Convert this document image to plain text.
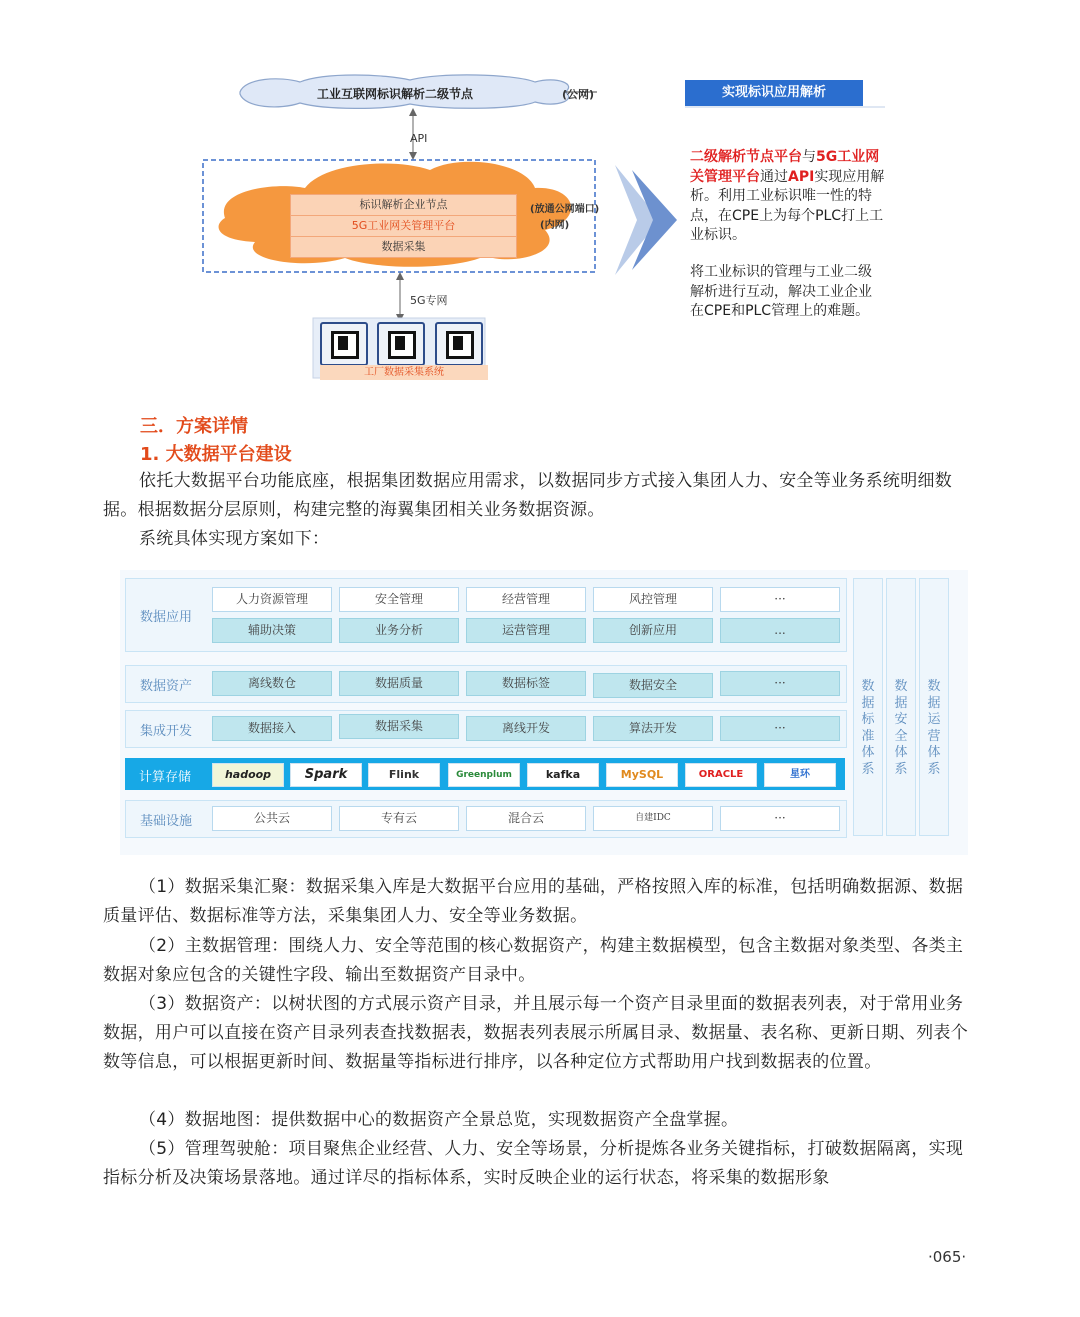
工业互联网标识解析二级节点	(公网)
API
标识解析企业节点
5G工业网关管理平台
数据采集
(放通公网端口)
(内网)
5G专网
工厂数据采集系统
实现标识应用解析
二级解析节点平台与5G工业网关管理平台通过API实现应用解析。利用工业标识唯一性的特点，在CPE上为每个PLC打上工业标识。
将工业标识的管理与工业二级解析进行互动，解决工业企业在CPE和PLC管理上的难题。
三．方案详情
1. 大数据平台建设
依托大数据平台功能底座，根据集团数据应用需求，以数据同步方式接入集团人力、安全等业务系统明细数据。根据数据分层原则，构建完整的海翼集团相关业务数据资源。
系统具体实现方案如下：
数据应用
人力资源管理	安全管理	经营管理	风控管理	···
辅助决策	业务分析	运营管理	创新应用	...
数据资产	离线数仓	数据质量	数据标签	数据安全	···
集成开发	数据接入	数据采集	离线开发	算法开发	···
计算存储	hadoop	Spark	Flink	Greenplum	kafka	MySQL	ORACLE	星环
基础设施	公共云	专有云	混合云	自建IDC	···
数据标准体系
数据安全体系
数据运营体系
（1）数据采集汇聚：数据采集入库是大数据平台应用的基础，严格按照入库的标准，包括明确数据源、数据质量评估、数据标准等方法，采集集团人力、安全等业务数据。
（2）主数据管理：围绕人力、安全等范围的核心数据资产，构建主数据模型，包含主数据对象类型、各类主数据对象应包含的关键性字段、输出至数据资产目录中。
（3）数据资产：以树状图的方式展示资产目录，并且展示每一个资产目录里面的数据表列表，对于常用业务数据，用户可以直接在资产目录列表查找数据表，数据表列表展示所属目录、数据量、表名称、更新日期、列表个数等信息，可以根据更新时间、数据量等指标进行排序，以各种定位方式帮助用户找到数据表的位置。
（4）数据地图：提供数据中心的数据资产全景总览，实现数据资产全盘掌握。
（5）管理驾驶舱：项目聚焦企业经营、人力、安全等场景，分析提炼各业务关键指标，打破数据隔离，实现指标分析及决策场景落地。通过详尽的指标体系，实时反映企业的运行状态，将采集的数据形象
·065·
